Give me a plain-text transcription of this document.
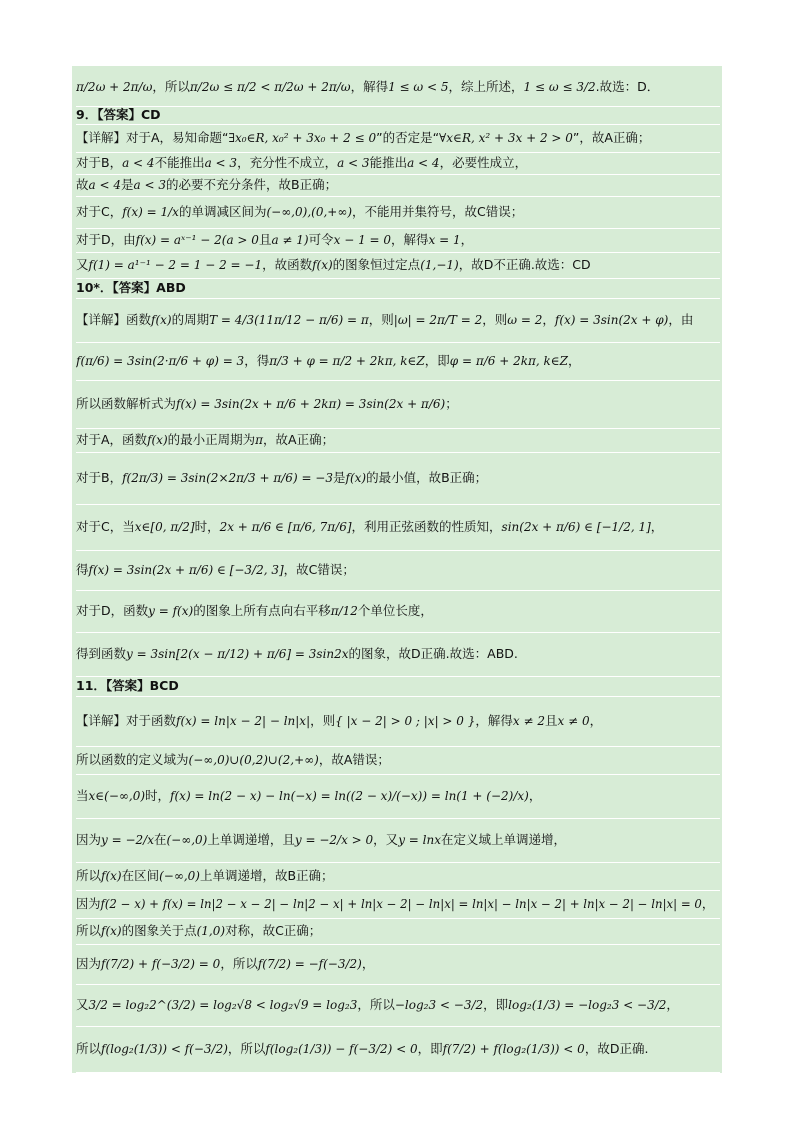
π/2ω + 2π/ω，所以π/2ω ≤ π/2 < π/2ω + 2π/ω，解得1 ≤ ω < 5，综上所述，1 ≤ ω ≤ 3/2.故选：D．
9．【答案】CD
【详解】对于A，易知命题“∃x₀∈R, x₀² + 3x₀ + 2 ≤ 0”的否定是“∀x∈R, x² + 3x + 2 > 0”，故A正确；
对于B，a < 4不能推出a < 3，充分性不成立，a < 3能推出a < 4，必要性成立，
故a < 4是a < 3的必要不充分条件，故B正确；
对于C，f(x) = 1/x的单调减区间为(−∞,0),(0,+∞)，不能用并集符号，故C错误；
对于D，由f(x) = aˣ⁻¹ − 2(a > 0且a ≠ 1)可令x − 1 = 0，解得x = 1，
又f(1) = a¹⁻¹ − 2 = 1 − 2 = −1，故函数f(x)的图象恒过定点(1,−1)，故D不正确.故选：CD
10*．【答案】ABD
【详解】函数f(x)的周期T = 4/3(11π/12 − π/6) = π，则|ω| = 2π/T = 2，则ω = 2，f(x) = 3sin(2x + φ)，由
f(π/6) = 3sin(2·π/6 + φ) = 3，得π/3 + φ = π/2 + 2kπ, k∈Z，即φ = π/6 + 2kπ, k∈Z，
所以函数解析式为f(x) = 3sin(2x + π/6 + 2kπ) = 3sin(2x + π/6)；
对于A，函数f(x)的最小正周期为π，故A正确；
对于B，f(2π/3) = 3sin(2×2π/3 + π/6) = −3是f(x)的最小值，故B正确；
对于C，当x∈[0, π/2]时，2x + π/6 ∈ [π/6, 7π/6]，利用正弦函数的性质知，sin(2x + π/6) ∈ [−1/2, 1]，
得f(x) = 3sin(2x + π/6) ∈ [−3/2, 3]，故C错误；
对于D，函数y = f(x)的图象上所有点向右平移π/12个单位长度，
得到函数y = 3sin[2(x − π/12) + π/6] = 3sin2x的图象，故D正确.故选：ABD.
11．【答案】BCD
【详解】对于函数f(x) = ln|x − 2| − ln|x|，则{ |x − 2| > 0 ; |x| > 0 }，解得x ≠ 2且x ≠ 0，
所以函数的定义域为(−∞,0)∪(0,2)∪(2,+∞)，故A错误；
当x∈(−∞,0)时，f(x) = ln(2 − x) − ln(−x) = ln((2 − x)/(−x)) = ln(1 + (−2)/x)，
因为y = −2/x在(−∞,0)上单调递增，且y = −2/x > 0，又y = lnx在定义域上单调递增，
所以f(x)在区间(−∞,0)上单调递增，故B正确；
因为f(2 − x) + f(x) = ln|2 − x − 2| − ln|2 − x| + ln|x − 2| − ln|x| = ln|x| − ln|x − 2| + ln|x − 2| − ln|x| = 0，
所以f(x)的图象关于点(1,0)对称，故C正确；
因为f(7/2) + f(−3/2) = 0，所以f(7/2) = −f(−3/2)，
又3/2 = log₂2^(3/2) = log₂√8 < log₂√9 = log₂3，所以−log₂3 < −3/2，即log₂(1/3) = −log₂3 < −3/2，
所以f(log₂(1/3)) < f(−3/2)，所以f(log₂(1/3)) − f(−3/2) < 0，即f(7/2) + f(log₂(1/3)) < 0，故D正确.
